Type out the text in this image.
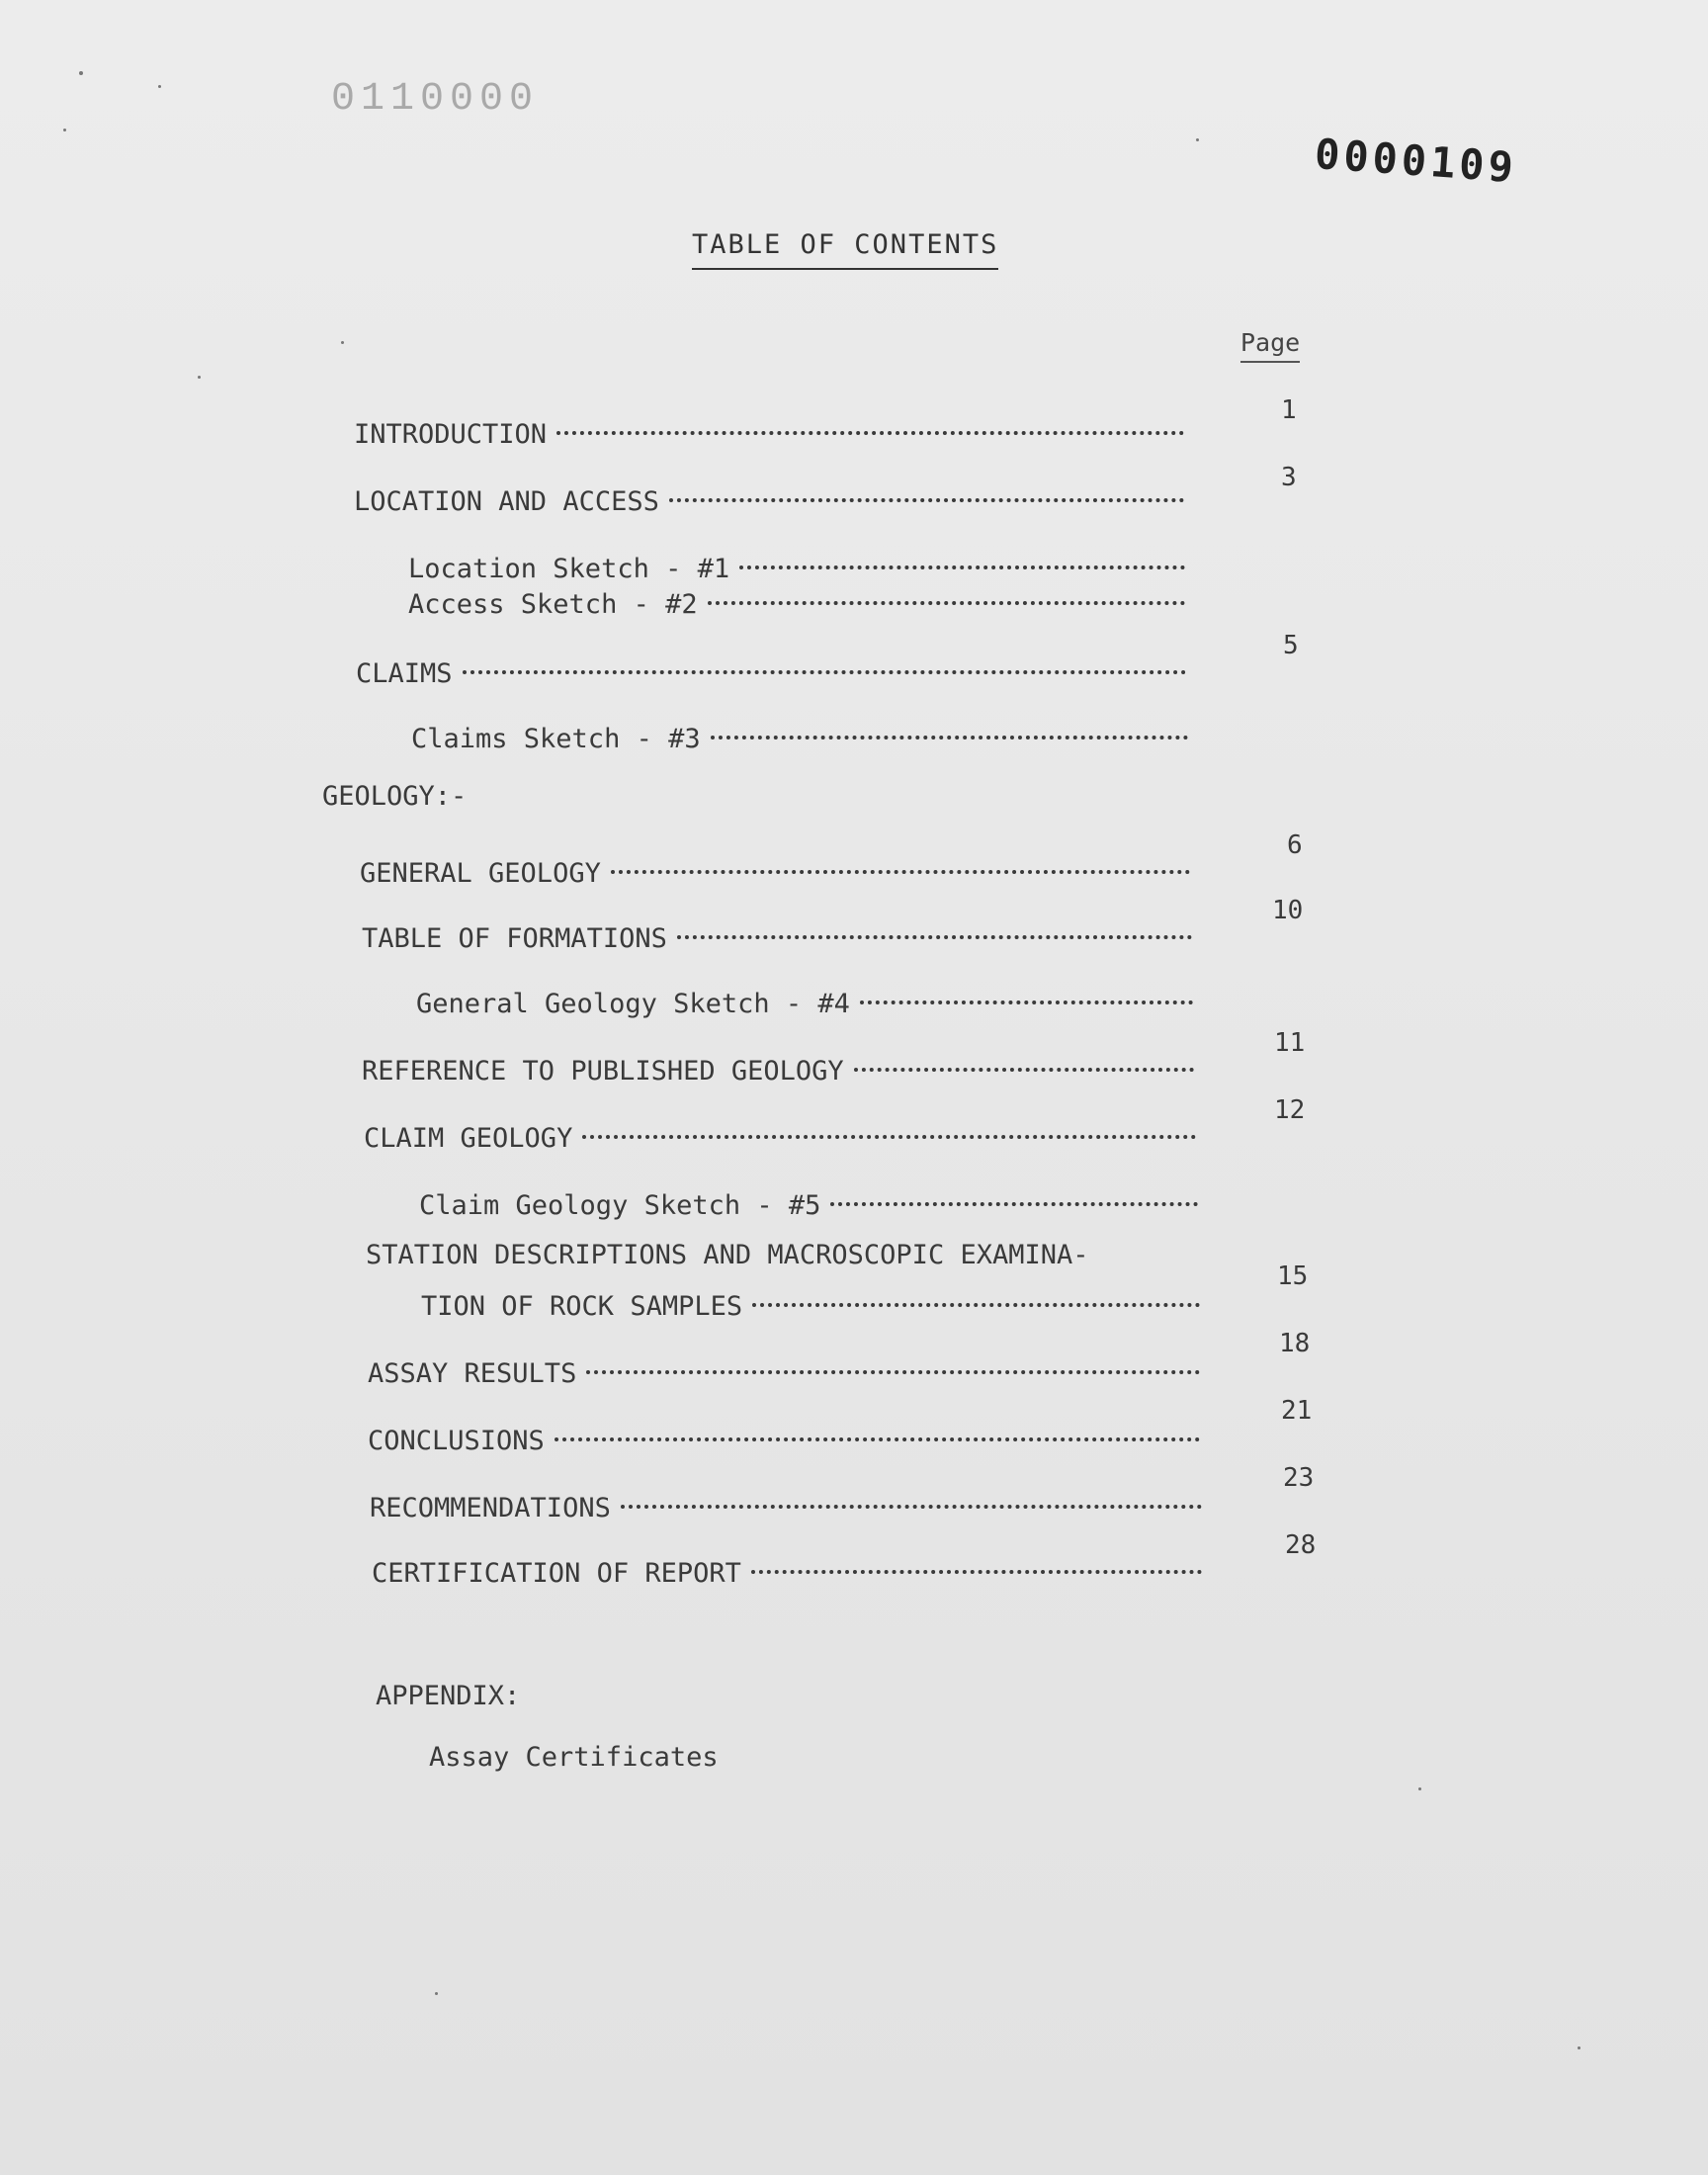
0110000
0000109
TABLE OF CONTENTS
Page
INTRODUCTION
1
LOCATION AND ACCESS
3
Location Sketch - #1
Access Sketch - #2
CLAIMS
5
Claims Sketch - #3
GEOLOGY:-
GENERAL GEOLOGY
6
TABLE OF FORMATIONS
10
General Geology Sketch - #4
REFERENCE TO PUBLISHED GEOLOGY
11
CLAIM GEOLOGY
12
Claim Geology Sketch - #5
STATION DESCRIPTIONS AND MACROSCOPIC EXAMINA-
TION OF ROCK SAMPLES
15
ASSAY RESULTS
18
CONCLUSIONS
21
RECOMMENDATIONS
23
CERTIFICATION OF REPORT
28
APPENDIX:
Assay Certificates
